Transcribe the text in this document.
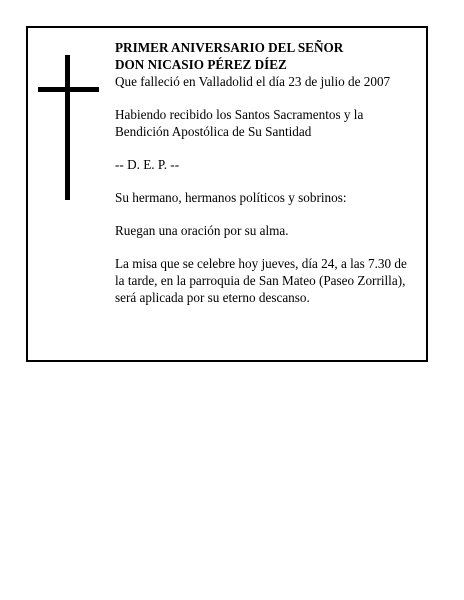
PRIMER ANIVERSARIO DEL SEÑOR

DON NICASIO PÉREZ DÍEZ

Que falleció en Valladolid el día 23 de julio de 2007

Habiendo recibido los Santos Sacramentos y la

Bendición Apostólica de Su Santidad

-- D. E. P. --

Su hermano, hermanos políticos y sobrinos:

Ruegan una oración por su alma.

La misa que se celebre hoy jueves, día 24, a las 7.30 de

la tarde, en la parroquia de San Mateo (Paseo Zorrilla),

será aplicada por su eterno descanso.
